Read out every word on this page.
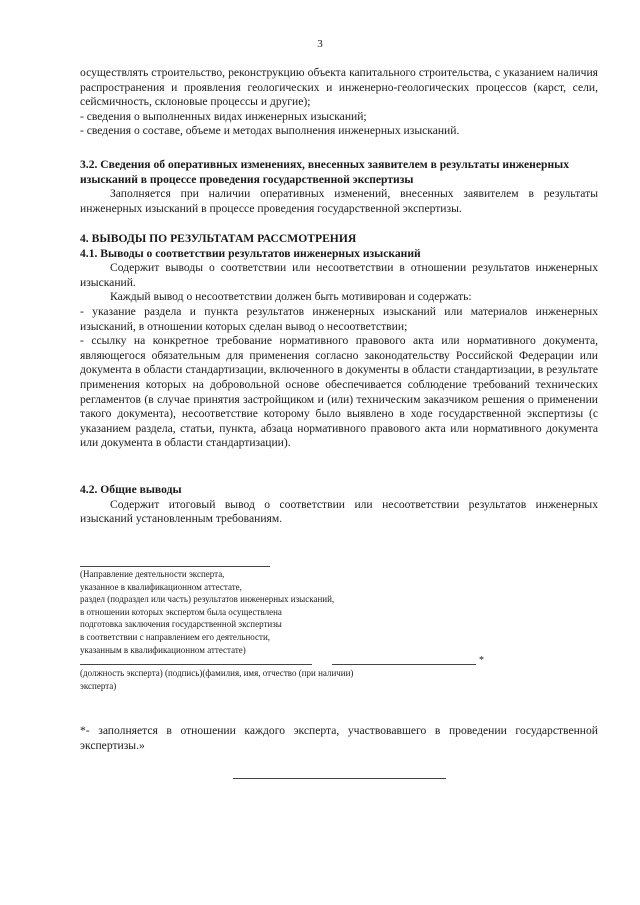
3

осуществлять строительство, реконструкцию объекта капитального строительства, с указанием наличия распространения и проявления геологических и инженерно-геологических процессов (карст, сели, сейсмичность, склоновые процессы и другие);

- сведения о выполненных видах инженерных изысканий;

- сведения о составе, объеме и методах выполнения инженерных изысканий.

3.2. Сведения об оперативных изменениях, внесенных заявителем в результаты инженерных изысканий в процессе проведения государственной экспертизы

Заполняется при наличии оперативных изменений, внесенных заявителем в результаты инженерных изысканий в процессе проведения государственной экспертизы.

4. ВЫВОДЫ ПО РЕЗУЛЬТАТАМ РАССМОТРЕНИЯ
4.1. Выводы о соответствии результатов инженерных изысканий

Содержит выводы о соответствии или несоответствии в отношении результатов инженерных изысканий.

Каждый вывод о несоответствии должен быть мотивирован и содержать:

- указание раздела и пункта результатов инженерных изысканий или материалов инженерных изысканий, в отношении которых сделан вывод о несоответствии;

- ссылку на конкретное требование нормативного правового акта или нормативного документа, являющегося обязательным для применения согласно законодательству Российской Федерации или документа в области стандартизации, включенного в документы в области стандартизации, в результате применения которых на добровольной основе обеспечивается соблюдение требований технических регламентов (в случае принятия застройщиком и (или) техническим заказчиком решения о применении такого документа), несоответствие которому было выявлено в ходе государственной экспертизы (с указанием раздела, статьи, пункта, абзаца нормативного правового акта или нормативного документа или документа в области стандартизации).

4.2. Общие выводы

Содержит итоговый вывод о соответствии или несоответствии результатов инженерных изысканий установленным требованиям.

(Направление деятельности эксперта,

указанное в квалификационном аттестате,

раздел (подраздел или часть) результатов инженерных изысканий,

в отношении которых экспертом была осуществлена

подготовка заключения государственной экспертизы

в соответствии с направлением его деятельности,

указанным в квалификационном аттестате)

*

(должность эксперта) (подпись)(фамилия, имя, отчество (при наличии)

эксперта)

*- заполняется в отношении каждого эксперта, участвовавшего в проведении государственной экспертизы.»
